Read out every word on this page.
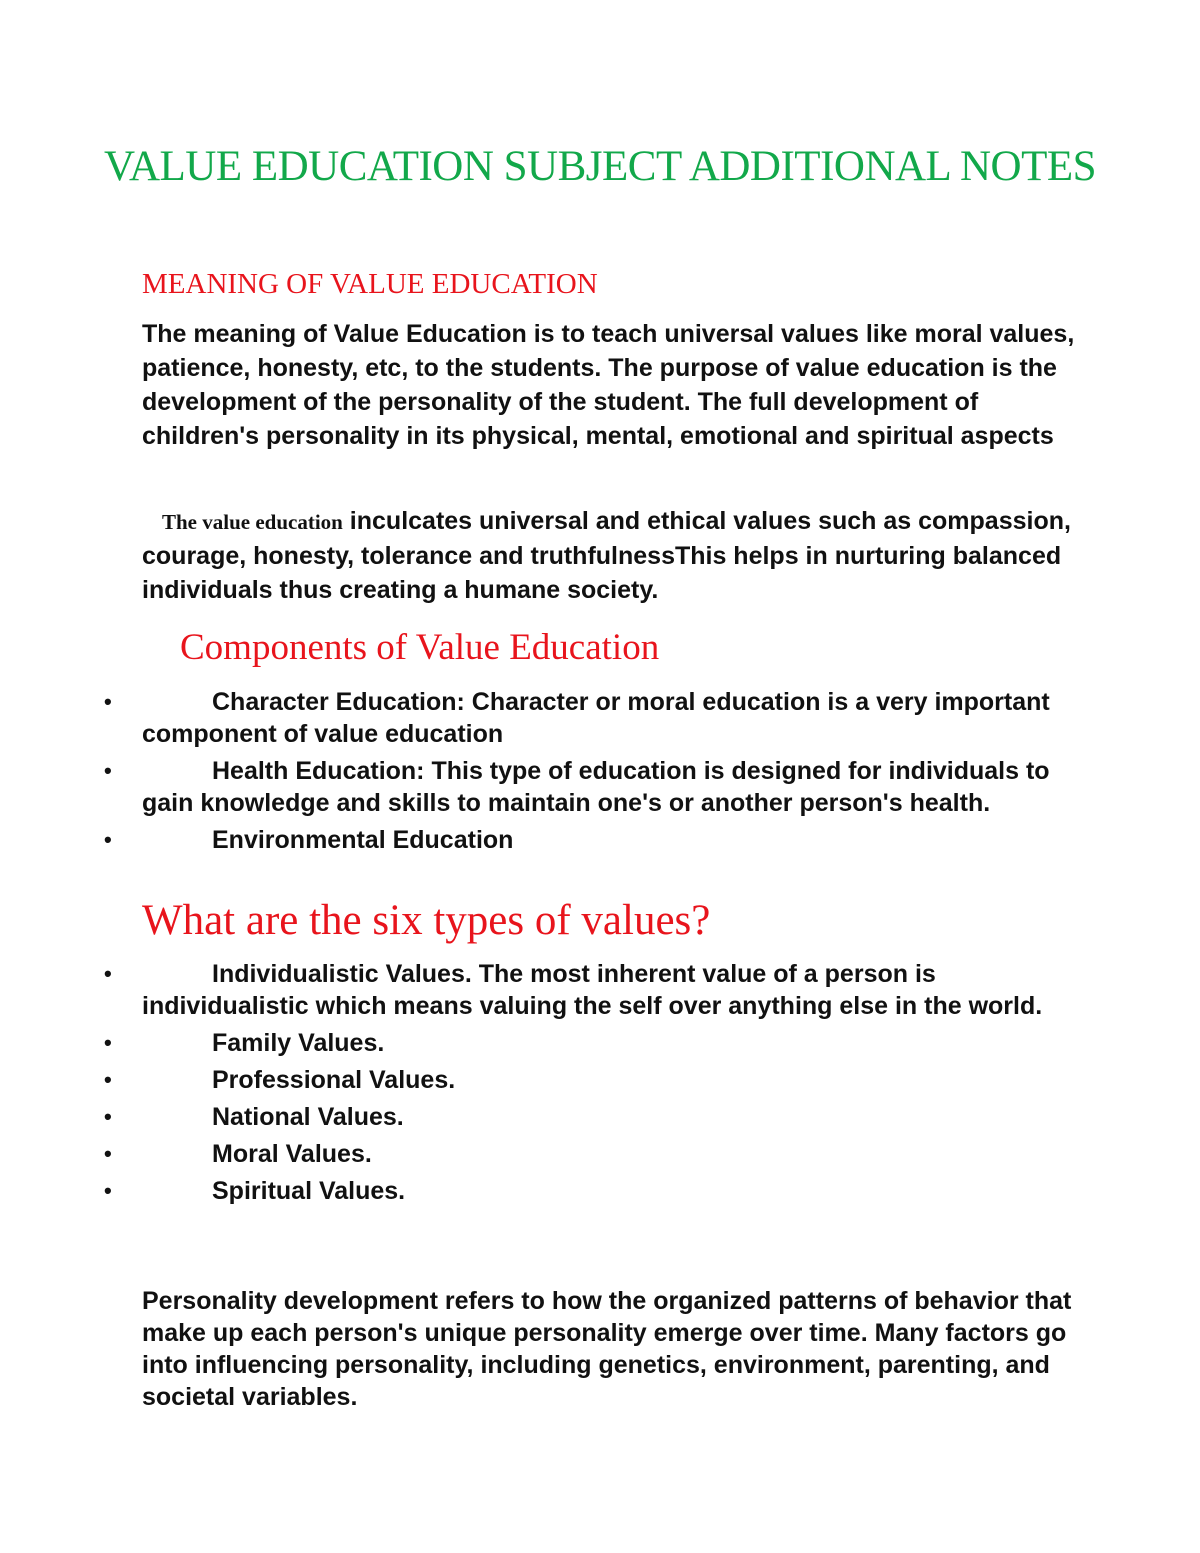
VALUE EDUCATION SUBJECT ADDITIONAL NOTES
MEANING OF VALUE EDUCATION

The meaning of Value Education is to teach universal values like moral values, patience, honesty, etc, to the students. The purpose of value education is the development of the personality of the student. The full development of children's personality in its physical, mental, emotional and spiritual aspects

The value education inculcates universal and ethical values such as compassion, courage, honesty, tolerance and truthfulnessThis helps in nurturing balanced individuals thus creating a humane society.

Components of Value Education
•	Character Education: Character or moral education is a very important component of value education
•	Health Education: This type of education is designed for individuals to gain knowledge and skills to maintain one's or another person's health.
•	Environmental Education
What are the six types of values?
•	Individualistic Values. The most inherent value of a person is individualistic which means valuing the self over anything else in the world.
•	Family Values.
•	Professional Values.
•	National Values.
•	Moral Values.
•	Spiritual Values.

Personality development refers to how the organized patterns of behavior that make up each person's unique personality emerge over time. Many factors go into influencing personality, including genetics, environment, parenting, and societal variables.
